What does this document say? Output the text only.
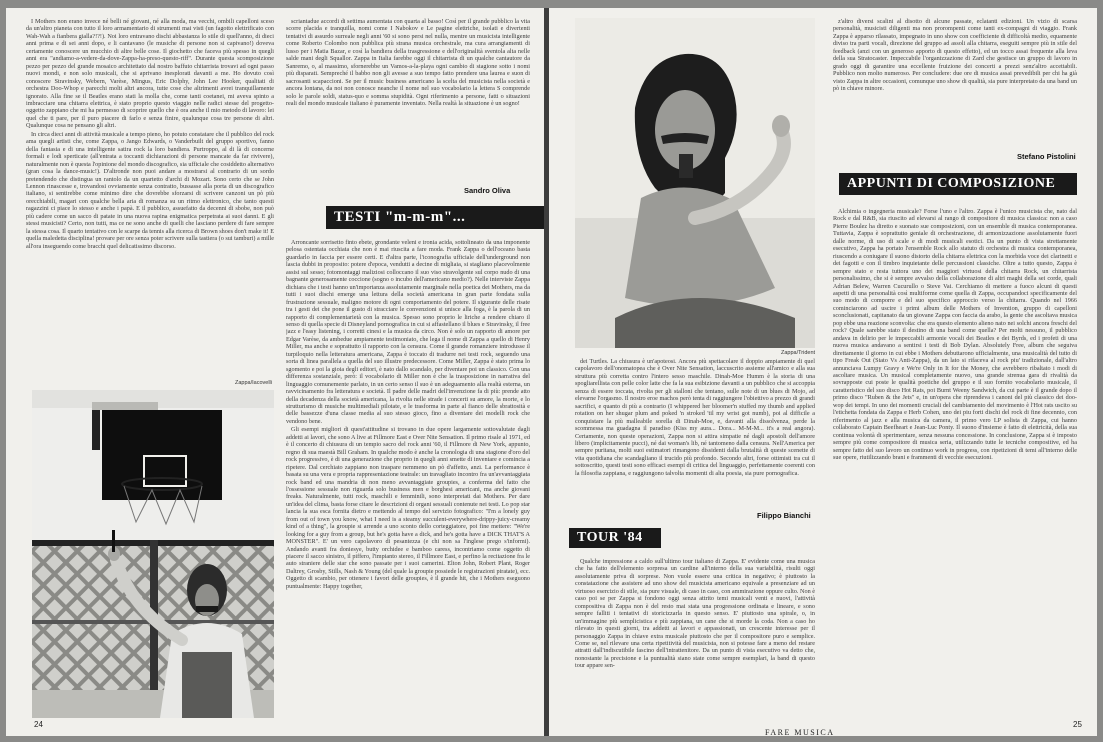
I Mothers non erano invece né belli né giovani, né alla moda, ma vecchi, ombili capelloni sceso da un'altro pianeta con tutto il loro armamentario di strumenti mai visti (un fagotto elettrificato con Wah-Wah a fianbera gialla?!?!). Noi loro entravano dischi abbastanza lo stile di quell'anno, di dieci anni prima e di sei anni dopo, e li cantavano (le musiche di persone non si capivano!) doveva certamente conoscere un mucchio di altre belle cose. Il giochetto che faceva più spesso in quegli anni era "andiamo-a-vedere-da-dove-Zappa-ha-preso-questo-riff". Durante questa scomposizione pezzo per pezzo del grande mosaico architettato dal nostro baffuto chitarrista trovavi ad ogni passo nuovi mondi, e non solo musicali, che si aprivano inesplorati davanti a me. Ho dovuto così conoscere Stravinsky, Webern, Varèse, Mingus, Eric Dolphy, John Lee Hooker, qualitati di orchestra Doo-Whop e parecchi molti altri ancora, tutte cose che altrimenti avrei tranquillamente ignorato. Alla fine se il Beatles erano stati la molla che, come tanti coetanei, mi aveva spinto a imbracciare una chitarra elettrica, è stato proprio questo viaggio nelle radici stesse del progetto-oggetto zappiano che mi ha permesso di scoprire quello che è ora anche il mio metodo di lavoro: lei quel che ti pare, per il puro piacere di farlo e senza finire, qualunque cosa tre persone di altri. Qualunque cosa ne pensano gli altri.

In circa dieci anni di attività musicale a tempo pieno, ho potuto constatare che il pubblico del rock ama quegli artisti che, come Zappa, o Jango Edwards, o Vanderbuilt del gruppo sportivo, fanno della fantasia e di una intelligente satira rock la loro bandiera. Purtroppo, al di là di concerne formali e lodi sperticate (all'entrata a toccanti dichiarazioni di persone mancate da far rivivere), naturalmente non è questa l'opinione del mondo discografico, sia ufficiale che cosiddetto alternativo (gran cosa la dance-music!). D'altronde non puoi andare a mostrarsi al contrario di un sordo pretendendo che distingua un rantolo da un quartetto d'archi di Mozart. Sono certo che se John Lennon rinascesse e, trovandosi ovviamente senza contratto, bussasse alla porta di un discografico italiano, si sentirebbe come minimo dire che dovrebbe sforzarsi di scrivere canzoni un pò più orecchiabili, magari con qualche bella aria di romanza su un ritmo elettronico, che tanto questi ragazzini ci piace lo stesso e anche i papà. E il pubblico, assuefatto da decenni di sbobe, non può più cadere come un sacco di patate in una nuova rapina enigmatica perpetrata ai suoi danni. E gli stessi musicisti? Certo, non tutti, ma ce ne sono anche di quelli che lasciano perdere di fare sempre la stessa cosa. Il quarto tentativo con le scarpe da tennis alla ricerca di Brown shoes don't make it! E quella maledetta disciplina! provare per ore senza poter scrivere sulla tastiera (o sui tamburi) a mille all'ora inseguendo come bracchi quel delicatissimo discorso.

Zappa/Iacovelli

scriantadue accordi di settima aumentata con quarta al basso! Così per il grande pubblico la vita scorre placida e tranquilla, nomi come I Nabokov e Le pagine elettriche, isolati e divertenti tentativi di assurdo surreale negli anni '60 si sono persi nel nulla, mentre un musicista intelligente come Roberto Colombo non pubblica più strana musica orchestrale, ma cura arrangiamenti di lusso per i Matia Bazar, e così la bandiera della trasgressione e dell'originalità sventola alta nelle salde mani degli Squallor. Zappa in Italia farebbe oggi il chitarrista di un qualche cantautore da Sanremo, o, al massimo, sfornerebbe un Vamos-a-la-playa ogni cambio di stagione sotto i nomi più disparati. Sempreché il babbo non gli avesse a suo tempo fatto prendere una laurea e suon di sacrosanti scapaccioni. Se per il music business americano la scelta del musicista nella società e ancora lontana, da noi non conosce neanche il nome nel suo vocabolario la lettera S comprende solo le parole soldi, status-quo e somma stupidità. Ogni riferimento a persone, fatti o situazioni reali del mondo musicale italiano è puramente inventato. Nella realtà la situazione è un sogno!

Sandro Oliva
TESTI "m-m-m"...

Arroncante sorrisetto finto ebete, grondante veleni e ironia acida, sottolineato da una imponente pelosa ostentata occhiata che non è mai riuscita a fare moda. Frank Zappa o dell'oceano basta guardarlo in faccia per essere certi. E d'altra parte, l'iconografia ufficiale dell'underground non lascia dubbi in proposito: potere d'epoca, vendutti a decine di migliaia, si stagliano placevolmente assisi sul sesso; fotomontaggi maliziosi colloccano il suo viso stravolgente sul corpo nudo di una bagnante generosamente coccione (sogno o incubo dell'americano medio?). Nelle interviste Zappa dichiara che i testi hanno un'importanza assolutamente marginale nella poetica dei Mothers, ma da tutti i suoi dischi emerge una lettura della società americana in gran parte fondata sulla frustrazione sessuale, maligno motore di ogni comportamento del potere. Il sigurante delle risate tra i gesti dei che pone il gusto di stracciare le convenzioni si unisce alla foga, è la parola di un rapporto di complementarietà con la musica. Spesso sono proprio le liriche a rendere chiaro il senso di quella specie di Disneyland pornografica in cui si affastellano il blues e Stravinsky, il free jazz e l'easy listening, i corretti cinesi e la musica da circo. Non è solo un rapporto di amore per Edgar Varèse, da ambedue ampiamente testimoniato, che lega il nome di Zappa a quello di Henry Miller, ma anche e soprattutto il rapporto con la censura. Come il grande romanziere introdusse il turpiloquio nella letteratura americana, Zappa è toccato di tradurre nei testi rock, seguendo una sorta di linea parallela a quella del suo illustre predecessore. Come Miller, Zappa è stato prima lo sgomento e poi la gioia degli editori, è nato dallo scandalo, per diventare poi un classico. Con una differenza sostanziale, però: il vocabolario di Miller non è che la trasposizione in narrativa del linguaggio comunemente parlato, in un certo senso il suo è un adeguamento alla realtà esterna, un ravvicinamento fra letteratura e società. Il padre delle madri dell'invenzione fa di più: prende atto della decadenza della società americana, la rivolta nelle strade i concerti su amore, la morte, e lo strutturismo di musiche multimediali pilotate, e le trasforma in parte al fianco delle sbrattosità e delle bassezze d'una classe media al suo stesso gioco, fino a diventare dei modelli rock che vendono bene.

Gli esempi migliori di quest'attitudine si trovano in due opere largamente sottovalutate dagli addetti ai lavori, che sono A live at Fillmore East e Over Nite Sensation. Il primo risale al 1971, ed è il concerto di chiusura di un tempio sacro del rock anni '60, il Fillmore di New York, appunto, regno di sua maestà Bill Graham. In qualche modo è anche la cronologia di una stagione d'oro del rock progressivo, è di una generazione che proprio in quegli anni smette di inventare e comincia a ripetere. Dal cerchiato zappiano non traspare nemmeno un pò d'affetto, anzi. La performance è basata su una vera e propria rappresentazione teatrale: un travagliato incontro fra un'avvantaggiata rock band ed una mandria di non meno avvantaggiate groupies, a conferma del fatto che l'ossessione sessuale non riguarda solo business men e borghesi americani, ma anche giovani freaks. Naturalmente, tutti rock, maschili e femminili, sono interpretati dai Mothers. Per dare un'idea del clima, basta forse citare le descrizioni di organi sessuali contenute nei testi. Lo pop star lancia la sua esca fornita dietro e mettendo al tempo del servizio fotografico: "I'm a lonely guy from out of town you know, what I need is a steamy succulent-everywhere-drippy-juicy-creamy kind of a thing", la groupie si arrende a uno sconto dello corteggiatore, poi fine mettere: "We're looking for a guy from a group, but he's gotta have a dick, and he's gotta have a DICK THAT'S A MONSTER". E' un vero capolavoro di pesantezza (e chi non sa l'inglese prego s'informi). Andando avanti fra doniesye, butty orchidee e bamboo caress, incontriamo come oggetto di piacere il sacco sinistro, il piffero, l'impianto stereo, il Fillmore East, e perfino la recitazione fra le auto straniere delle star che sono passate per i suoi camerini. Elton John, Robert Plant, Roger Daltrey, Grosby, Stills, Nash & Young (del quale la groupie possiede le registrazioni piratate), ecc. Oggetto di scambio, per ottenere i favori delle groupies, è il grande hit, che i Mothers eseguono puntualmente: Happy together,

24
Zappa/Trident

dei Turtles. La chiusura è un'apoteosi. Ancora più spettacolare il doppio ampiamente di quel capolavoro dell'onomatopea che è Over Nite Sensation, laccuscrito assieme all'amico e alla sua struttura più corretta contro l'intero sesso maschile. Dinah-Moe Humm è la storia di una spogliarellista con pelle color latte che fa la sua esibizione davanti a un pubblico che si accoppia senza di essere toccata, rivolta per gli stalloni che tentano, sulle note di un blues di Mojo, ad elevarne l'orgasmo. Il nostro eroe machos però tenta di raggiungere l'obiettivo a prezzo di grandi sacrifici, e quanto di più a contrario (I whippered her bloomer'n stuffed my thumb and applied rotation on her shugar plum and poked 'n stroked 'til my wrist got numb), poi al difficile a conquistare la più malleabile sorella di Dinah-Moe, e, davanti alla dissolvenza, perde la scommessa ma guadagna il paradiso (Kiss my aura... Dora... M-M-M... it's a real angora). Certamente, non queste operazioni, Zappa non si attira simpatie né dagli apostoli dell'amore libero (implicitamente pucci), né dai woman's lib, né tantomeno dalla censura. Nell'America per sempre puritana, molti suoi estimatori rimangono dissidenti dalla brutalità di queste scenette di vita quotidiana che scandagliano il trucido più profondo. Secondo altri, forse ottimisti tra cui il sottoscritto, questi testi sono efficaci esempi di critica del linguaggio, perfettamente coerenti con la filosofia zappiana, e raggiungono talvolta momenti di alta poesia, sia pure pornografica.

Filippo Bianchi
TOUR '84

Qualche impressione a caldo sull'ultimo tour italiano di Zappa. E' evidente come una musica che ha fatto dell'elemento sorpresa un cardine all'interno della sua variabilità, risulti oggi assolutamente priva di sorprese. Non vuole essere una critica in negativo; è piuttosto la constatazione che assistere ad uno show del musicista americano equivale a presenziare ad un virtuoso esercizio di stile, sia pure visuale, di caso in caso, con ammirazione oppure culto. Non è caso poi se per Zappa si fondono oggi senza attrito temi musicali venti e nuovi, l'attività compositiva di Zappa non è del resto mai stata una progressione ordinata e lineare, e sono sempre falliti i tentativi di storicizzarla in questo senso. E' piuttosto una spirale, o, in un'immagine più semplicistica e più zappiana, un cane che si morde la coda. Non a caso ho rilevato in questi giorni, tra addetti ai lavori e appassionati, un crescente interesse per il personaggio Zappa in chiave extra musicale piuttosto che per il compositore puro e semplice. Come se, nel rilevare una certa ripetitività del musicista, non si potesse fare a meno del restare attratti dall'indiscutibile fascino dell'intrattenitore. Da un punto di vista esecutivo va detto che, nonostante la precisione e la puntualità siano state come sempre esemplari, la band di questo tour appare sen-

z'altro diversi scalini al disotto di alcune passate, eclatanti edizioni. Un vizio di scarsa personalità, musicisti diligenti ma non prorompenti come tanti ex-compagni di viaggio. Frank Zappa è apparso rilassato, impegnato in uno show con coefficiente di difficoltà medio, equamente diviso tra parti vocali, direzione del gruppo ad assoli alla chitarra, eseguiti sempre più in stile del feedback (anzi con un generoso apporto di questo effetto), ed un tocco assai frequente alla leva della sua Stratocaster. Impeccabile l'organizzazione di Zard che gestisce un gruppo di lavoro in grado oggi di garantire una eccellente fruizione dei concerti a prezzi senz'altro accettabili. Pubblico non molto numeroso. Per concludere: due ore di musica assai prevedibili per chi ha già visto Zappa in altre occasioni, comunque uno show di qualità, sia pure interpretato da una band un pò in chiave minore.

Stefano Pistolini
APPUNTI DI COMPOSIZIONE

Alchimia o ingegneria musicale? Forse l'uno e l'altro. Zappa è l'unico musicista che, nato dal Rock e dal R&B, sia riuscito ad elevarsi al rango di compositore di musica classica: non a caso Pierre Boulez ha diretto e suonato sue composizioni, con un ensemble di musica contemporanea. Tuttavia, Zappa è soprattutto geniale di orchestrazione, di armonizzazione assolutamente fuori dalle norme, di uso di scale e di modi musicali esotici. Da un punto di vista strettamente esecutivo, Zappa ha portato l'ensemble Rock allo statuto di orchestra di musica contemporanea, riuscendo a coniugare il suono distorto della chitarra elettrica con la morbida voce dei clarinetti e dei fagotti e con il timbro inquietante delle percussioni classiche. Oltre a tutto questo, Zappa è sempre stato e resta tuttora uno dei maggiori virtuosi della chitarra Rock, un chitarrista personalissimo, che si è sempre avvalso della collaborazione di altri maghi della sei corde, quali Adrian Belew, Warren Cucurullo o Steve Vai. Cerchiamo di mettere a fuoco alcuni di questi aspetti di una personalità così multiforme come quella di Zappa, occupandoci specificamente del suo modo di comporre e del suo specifico approccio verso la chitarra. Quando nel 1966 cominciarono ad uscire i primi album delle Mothers of Invention, gruppo di capelloni sconclusionati, capitanato da un giovane Zappa con faccia da arabo, la gente che ascoltava musica pop ebbe una reazione sconvolta: che era questo elemento alieno nato nei solchi ancora freschi del rock? Quale sarebbe stato il destino di una band come quella? Per molti nessuno, il pubblico andava in delirio per le impeccabili armonie vocali dei Beatles e dei Byrds, ed i profeti di una nuova musica andavano a sentirsi i testi di Bob Dylan. Absolutely Free, album che seguiva direttamente il giorno in cui ebbe i Mothers debuttarono ufficialmente, una musicalità del tutto di tipo Freak Out (Stato Vs Anti-Zappa), da un lato si rifaceva al rock piu' tradizionale, dall'altro annunciava Lumpy Gravy e We're Only in It for the Money, che avrebbero ribaltato i modi di ascoltare musica. Un musical completamente nuovo, una grande strenua gara di rivalità da sovrapposte cui poste le qualità poetiche del gruppo e il suo fornito vocabolario musicale, il caratteristico del suo disco Hot Rats, poi Burnt Weeny Sandwich, da cui parte è il grande dopo il primo disco "Ruben & the Jets" e, in un'opera che riprendeva i canoni del più classico dei doo-wop dei tempi. In uno dei momenti cruciali del cambiamento del movimento è l'Hot rats uscito su l'etichetta fondata da Zappa e Herb Cohen, uno dei piu forti dischi del rock di fine decennio, con riferimento al jazz e alla musica da camera, il primo vero LP solista di Zappa, cui hanno collaborato Captain Beefheart e Jean-Luc Ponty. Il suono d'insieme è fatto di elettricità, della sua continua volontà di sperimentare, senza nessuna concessione. In conclusione, Zappa si è imposto sempre più come compositore di musica seria, utilizzando tutte le tecniche compositive, ed ha sempre fatto del suo lavoro un continuo work in progress, con ripetizioni di temi all'interno delle sue opere, riutilizzando brani e frammenti di vecchie esecuzioni.

FARE MUSICA
25
